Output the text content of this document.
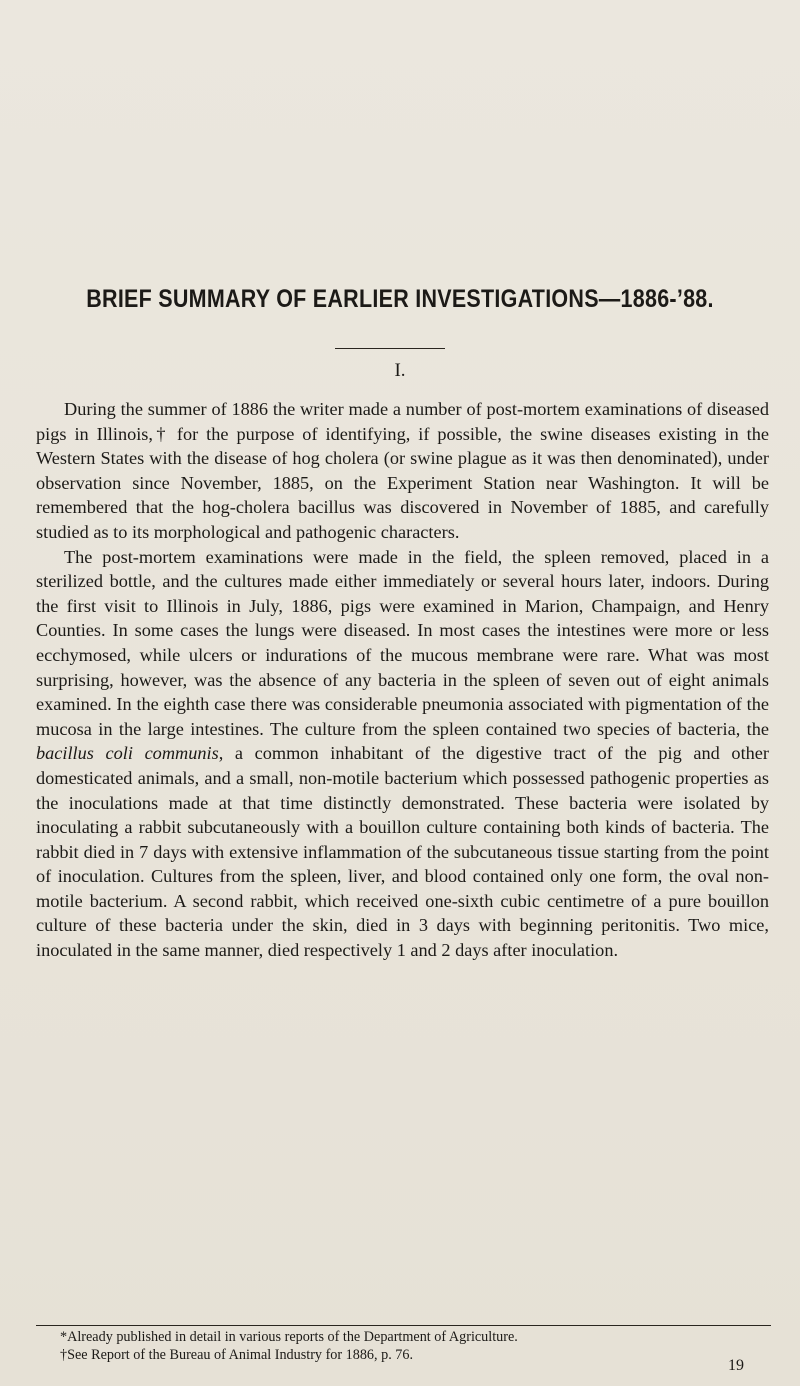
BRIEF SUMMARY OF EARLIER INVESTIGATIONS—1886-’88.
I.

During the summer of 1886 the writer made a number of post-mortem examinations of diseased pigs in Illinois,† for the purpose of identifying, if possible, the swine diseases existing in the Western States with the disease of hog cholera (or swine plague as it was then denominated), under observation since November, 1885, on the Experiment Station near Washington. It will be remembered that the hog-cholera bacillus was discovered in November of 1885, and carefully studied as to its morphological and pathogenic characters.

The post-mortem examinations were made in the field, the spleen removed, placed in a sterilized bottle, and the cultures made either immediately or several hours later, indoors. During the first visit to Illinois in July, 1886, pigs were examined in Marion, Champaign, and Henry Counties. In some cases the lungs were diseased. In most cases the intestines were more or less ecchymosed, while ulcers or indurations of the mucous membrane were rare. What was most surprising, however, was the absence of any bacteria in the spleen of seven out of eight animals examined. In the eighth case there was considerable pneumonia associated with pigmentation of the mucosa in the large intestines. The culture from the spleen contained two species of bacteria, the bacillus coli communis, a common inhabitant of the digestive tract of the pig and other domesticated animals, and a small, non-motile bacterium which possessed pathogenic properties as the inoculations made at that time distinctly demonstrated. These bacteria were isolated by inoculating a rabbit subcutaneously with a bouillon culture containing both kinds of bacteria. The rabbit died in 7 days with extensive inflammation of the subcutaneous tissue starting from the point of inoculation. Cultures from the spleen, liver, and blood contained only one form, the oval non-motile bacterium. A second rabbit, which received one-sixth cubic centimetre of a pure bouillon culture of these bacteria under the skin, died in 3 days with beginning peritonitis. Two mice, inoculated in the same manner, died respectively 1 and 2 days after inoculation.

*Already published in detail in various reports of the Department of Agriculture.
†See Report of the Bureau of Animal Industry for 1886, p. 76.
19
